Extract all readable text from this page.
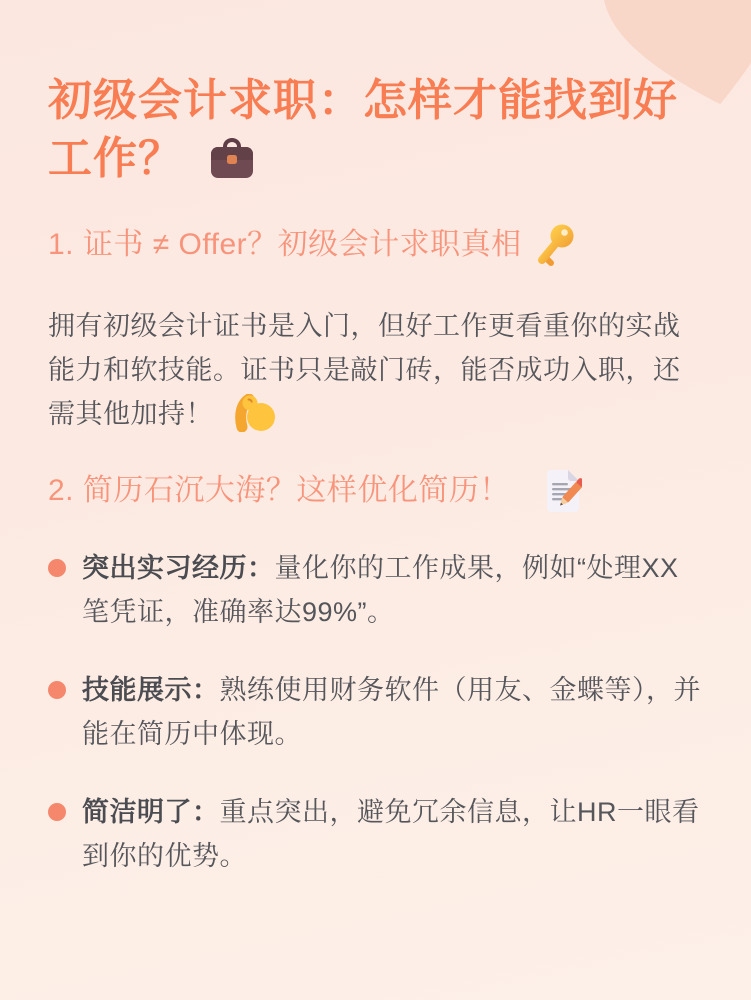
初级会计求职：怎样才能找到好
工作？
1. 证书 ≠ Offer？初级会计求职真相

拥有初级会计证书是入门，但好工作更看重你的实战能力和软技能。证书只是敲门砖，能否成功入职，还需其他加持！

2. 简历石沉大海？这样优化简历！

突出实习经历：量化你的工作成果，例如“处理XX笔凭证，准确率达99%”。

技能展示：熟练使用财务软件（用友、金蝶等），并能在简历中体现。

简洁明了：重点突出，避免冗余信息，让HR一眼看到你的优势。
